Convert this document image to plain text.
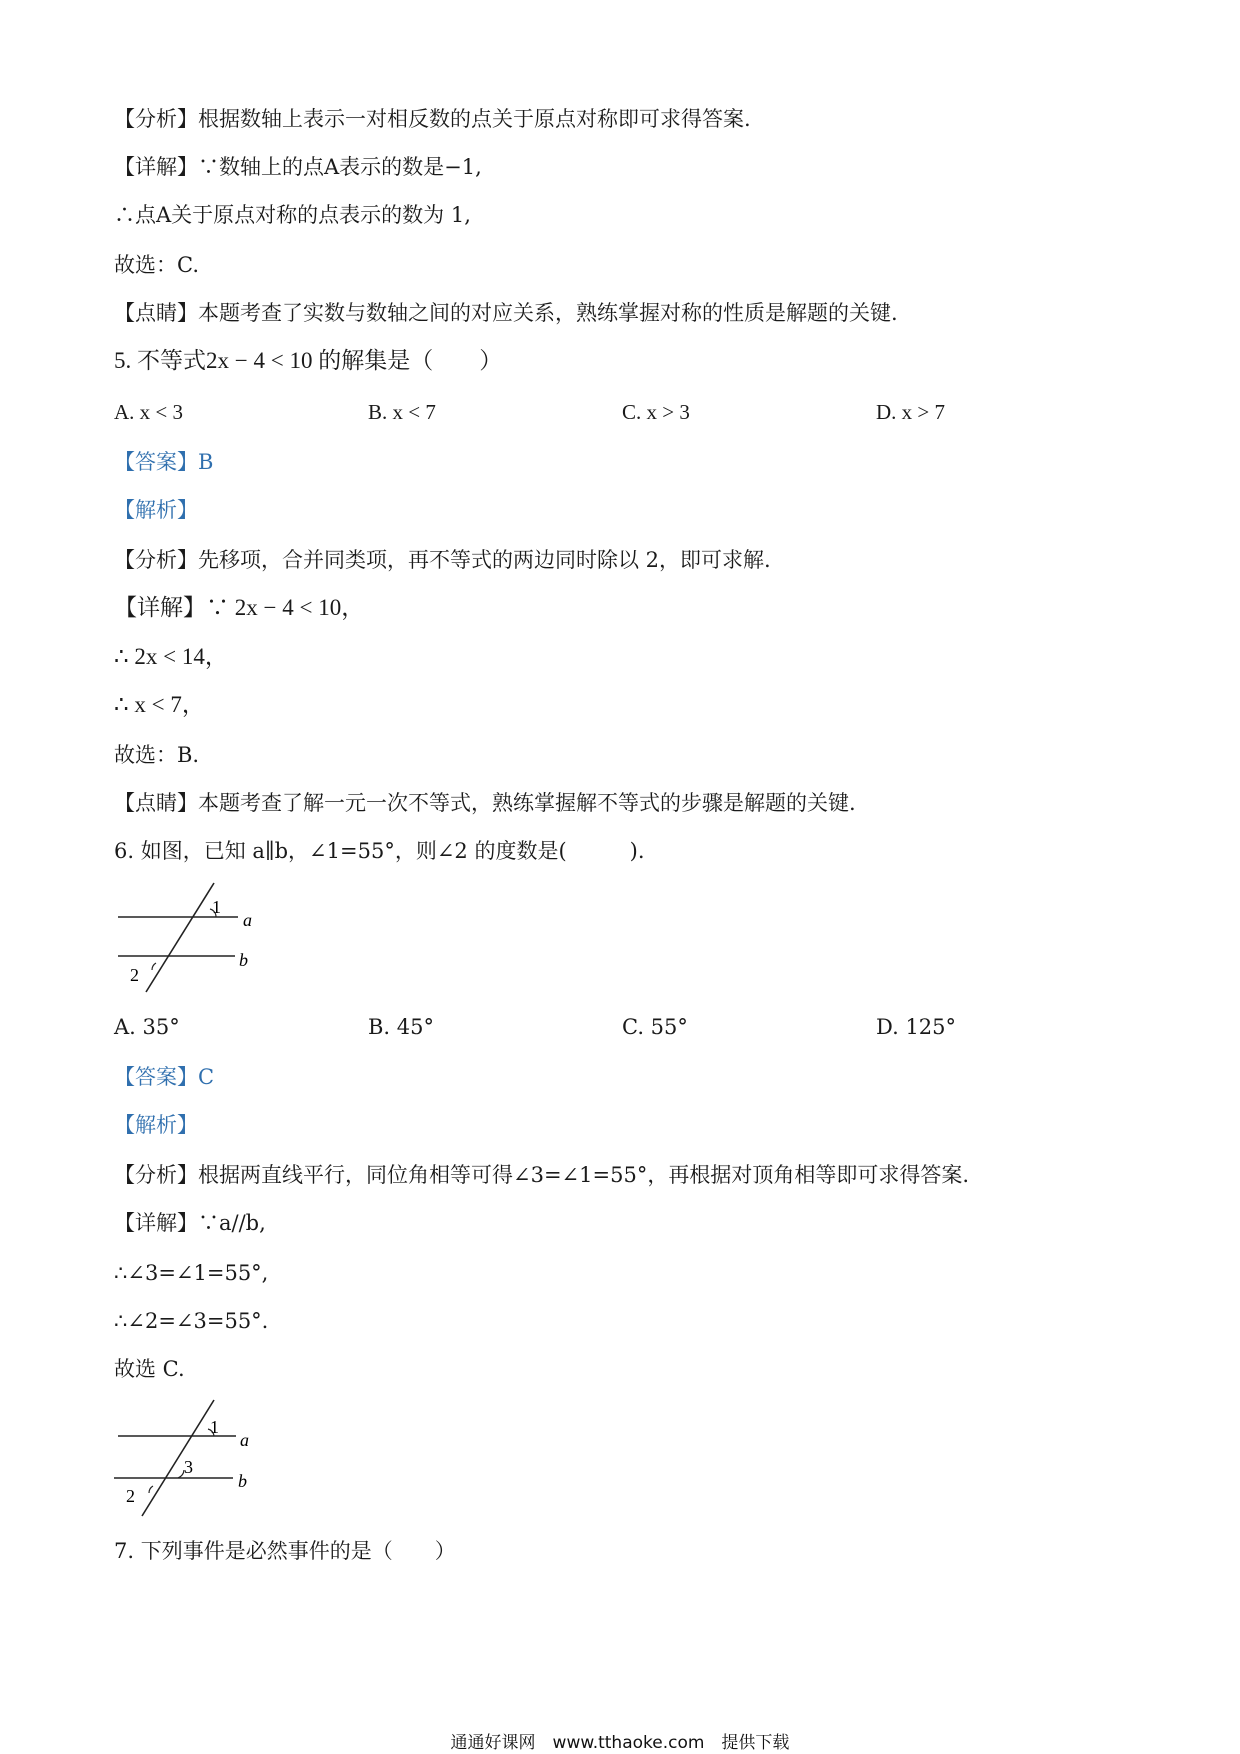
【分析】根据数轴上表示一对相反数的点关于原点对称即可求得答案.
【详解】∵数轴上的点A表示的数是−1,
∴点A关于原点对称的点表示的数为 1,
故选：C.
【点睛】本题考查了实数与数轴之间的对应关系，熟练掌握对称的性质是解题的关键.
5. 不等式2x − 4 < 10 的解集是（　　）
A. x < 3	B. x < 7	C. x > 3	D. x > 7
【答案】B
【解析】
【分析】先移项，合并同类项，再不等式的两边同时除以 2，即可求解.
【详解】∵ 2x − 4 < 10，
∴ 2x < 14，
∴ x < 7，
故选：B.
【点睛】本题考查了解一元一次不等式，熟练掌握解不等式的步骤是解题的关键.
6. 如图，已知 a∥b，∠1=55°，则∠2 的度数是(　　　).
1
2
a
b
A. 35°	B. 45°	C. 55°	D. 125°
【答案】C
【解析】
【分析】根据两直线平行，同位角相等可得∠3=∠1=55°，再根据对顶角相等即可求得答案.
【详解】∵a//b,
∴∠3=∠1=55°,
∴∠2=∠3=55°.
故选 C.
1
3
2
a
b
7. 下列事件是必然事件的是（　　）
通通好课网　www.tthaoke.com　提供下载
